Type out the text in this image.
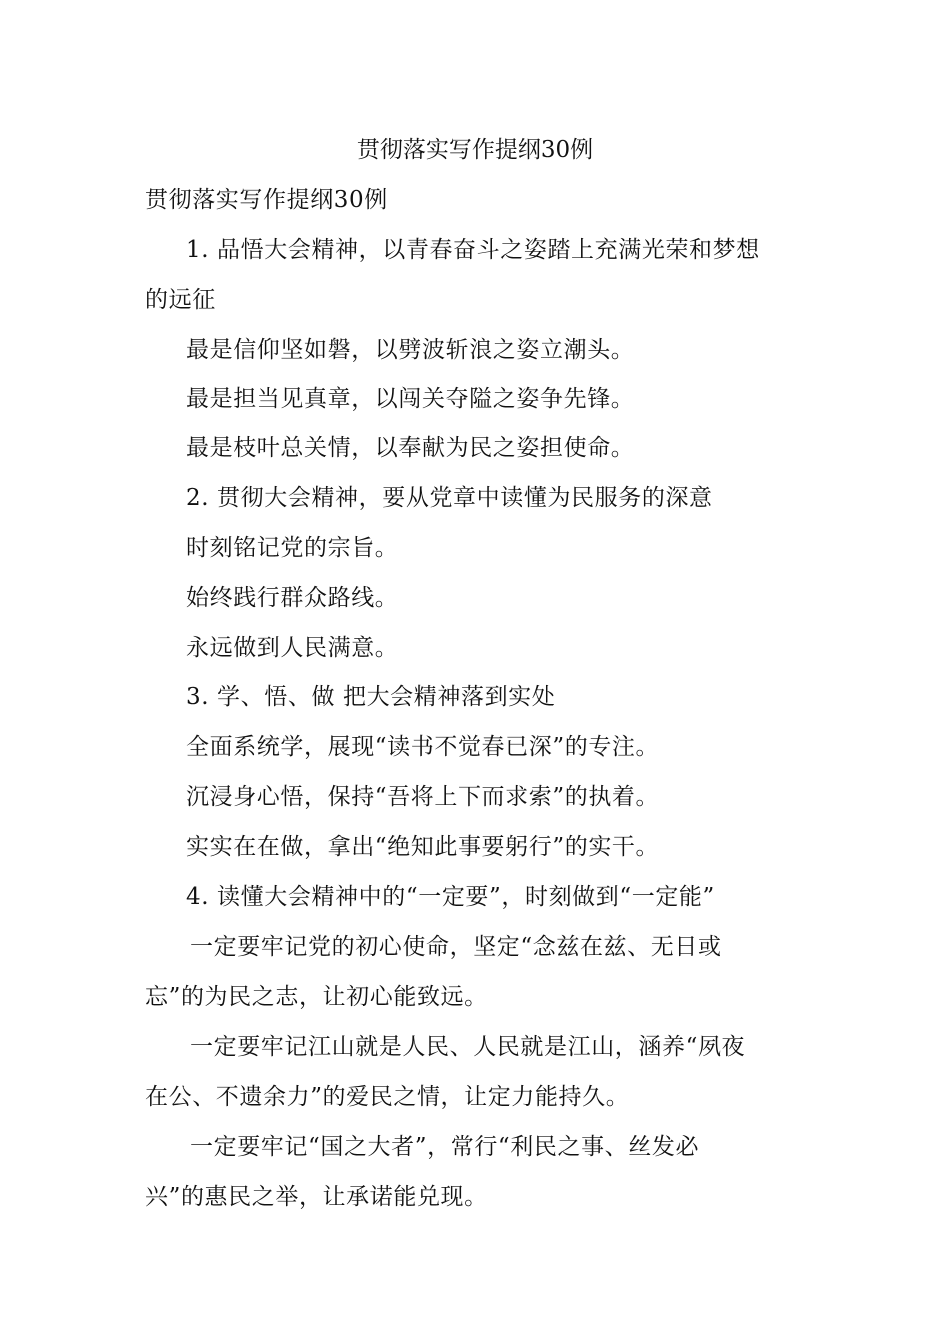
贯彻落实写作提纲30例
贯彻落实写作提纲30例
1. 品悟大会精神，以青春奋斗之姿踏上充满光荣和梦想
的远征
最是信仰坚如磐，以劈波斩浪之姿立潮头。
最是担当见真章，以闯关夺隘之姿争先锋。
最是枝叶总关情，以奉献为民之姿担使命。
2. 贯彻大会精神，要从党章中读懂为民服务的深意
时刻铭记党的宗旨。
始终践行群众路线。
永远做到人民满意。
3. 学、悟、做 把大会精神落到实处
全面系统学，展现“读书不觉春已深”的专注。
沉浸身心悟，保持“吾将上下而求索”的执着。
实实在在做，拿出“绝知此事要躬行”的实干。
4. 读懂大会精神中的“一定要”，时刻做到“一定能”
一定要牢记党的初心使命，坚定“念兹在兹、无日或
忘”的为民之志，让初心能致远。
一定要牢记江山就是人民、人民就是江山，涵养“夙夜
在公、不遗余力”的爱民之情，让定力能持久。
一定要牢记“国之大者”，常行“利民之事、丝发必
兴”的惠民之举，让承诺能兑现。
